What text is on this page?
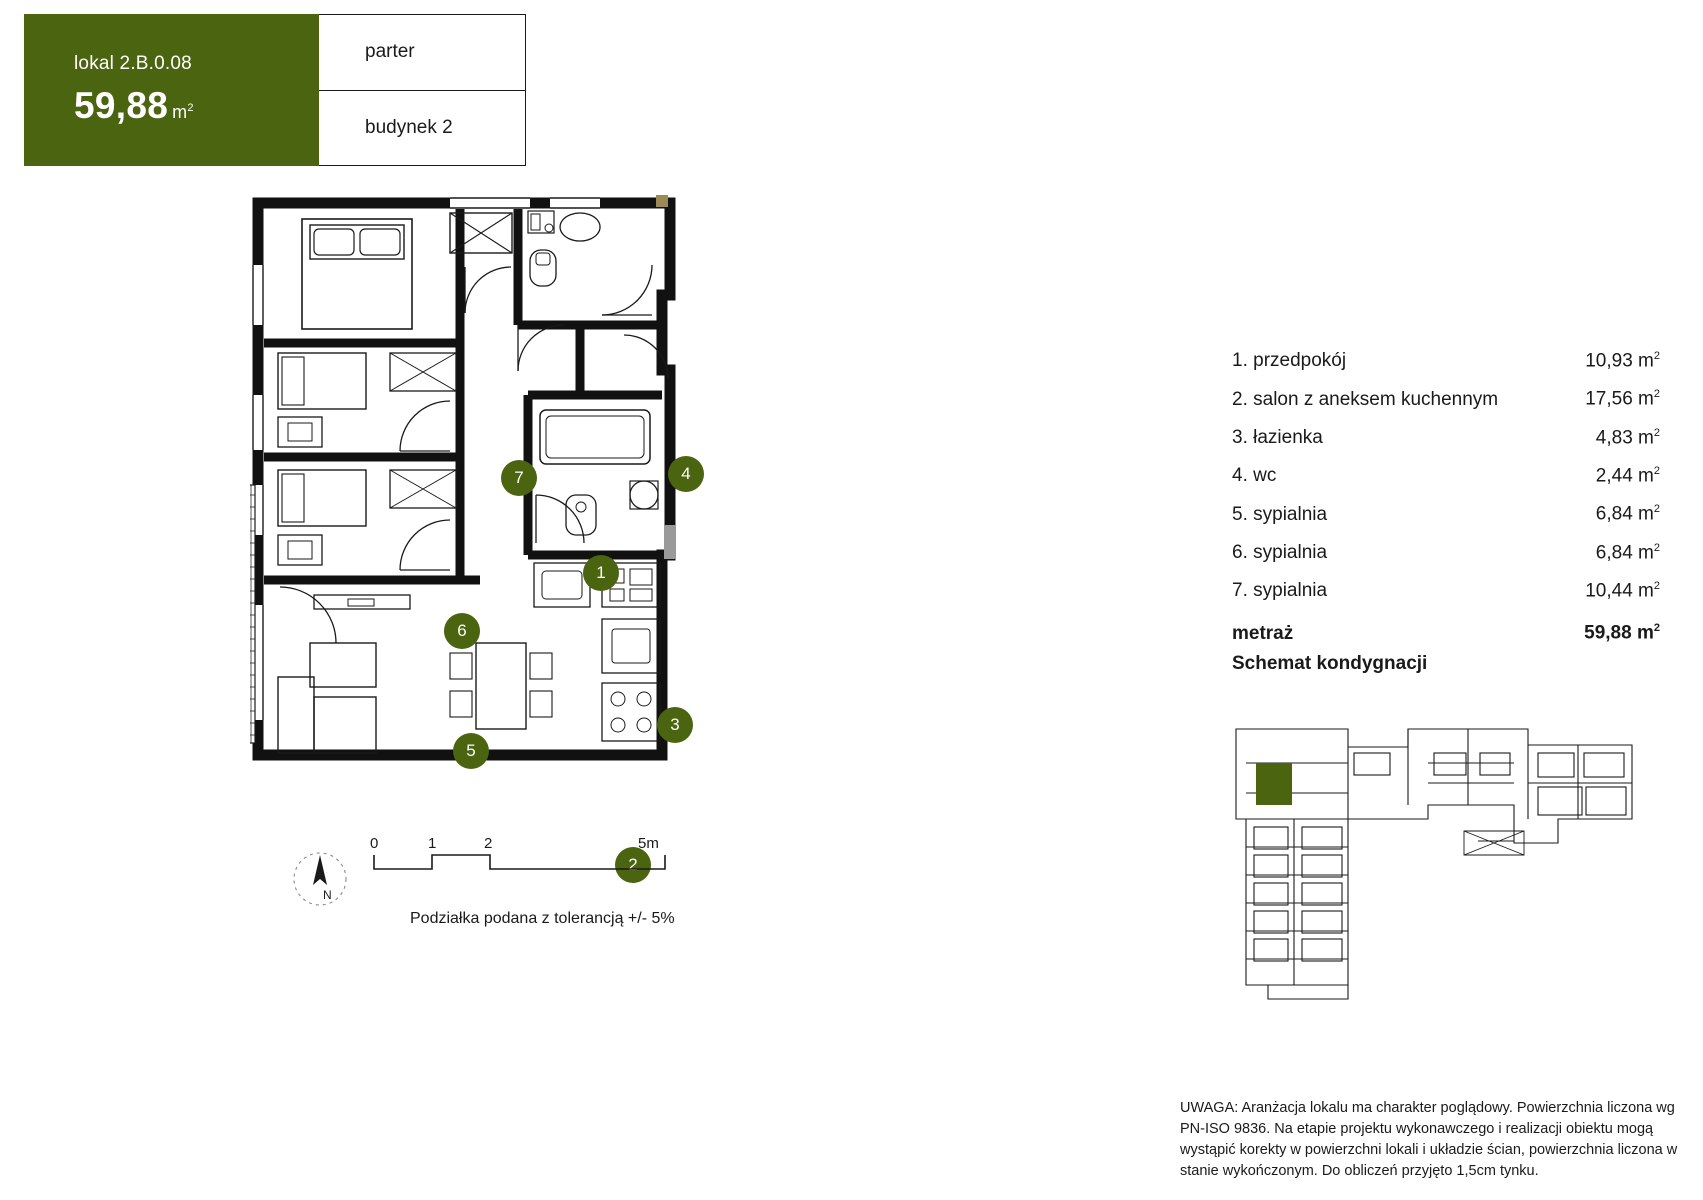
lokal 2.B.0.08
59,88 $m^2$
parter
budynek 2
1
2
3
4
5
6
7
0	1	2	5m
N
Podziałka podana z tolerancją +/- 5%
1. przedpokój	10,93 $m^2$
2. salon z aneksem kuchennym	17,56 $m^2$
3. łazienka	4,83 $m^2$
4. wc	2,44 $m^2$
5. sypialnia	6,84 $m^2$
6. sypialnia	6,84 $m^2$
7. sypialnia	10,44 $m^2$
metraż	59,88 $m^2$
Schemat kondygnacji
UWAGA: Aranżacja lokalu ma charakter poglądowy. Powierzchnia liczona wg PN-ISO 9836. Na etapie projektu wykonawczego i realizacji obiektu mogą wystąpić korekty w powierzchni lokali i układzie ścian, powierzchnia liczona w stanie wykończonym. Do obliczeń przyjęto 1,5cm tynku.
